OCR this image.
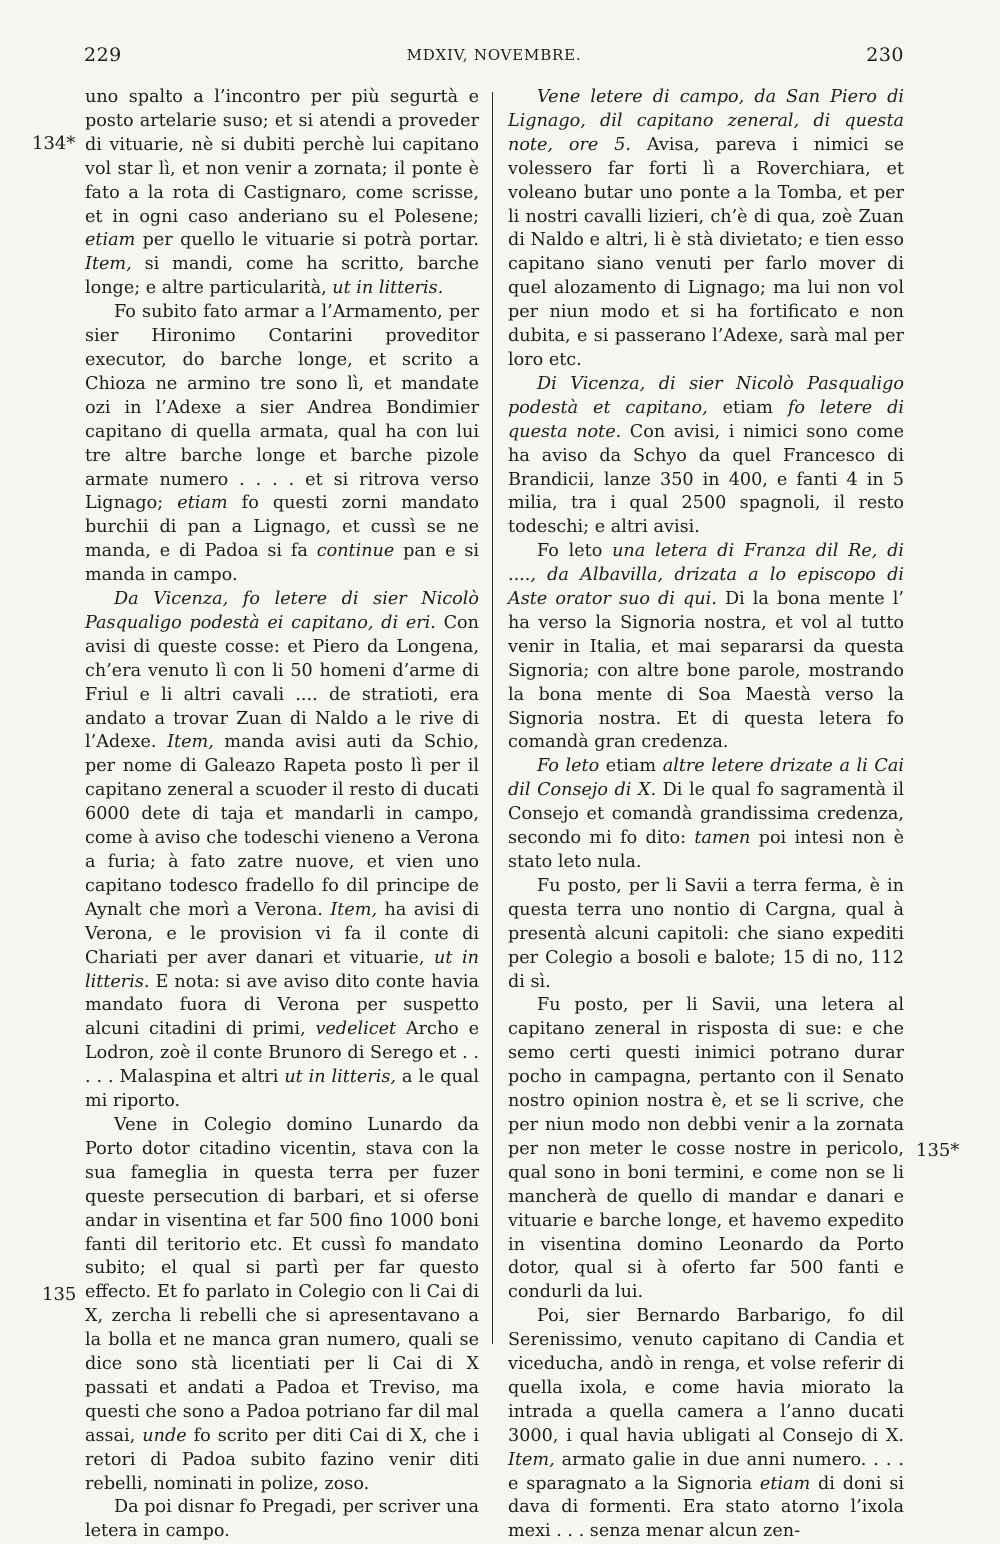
229	MDXIV, NOVEMBRE.	230
134*
135
135*

uno spalto a l’incontro per più segurtà e posto artelarie suso; et si atendi a proveder di vituarie, nè si dubiti perchè lui capitano vol star lì, et non venir a zornata; il ponte è fato a la rota di Castignaro, come scrisse, et in ogni caso anderiano su el Polesene; etiam per quello le vituarie si potrà portar. Item, si mandi, come ha scritto, barche longe; e altre particularità, ut in litteris.

Fo subito fato armar a l’Armamento, per sier Hironimo Contarini proveditor executor, do barche longe, et scrito a Chioza ne armino tre sono lì, et mandate ozi in l’Adexe a sier Andrea Bondimier capitano di quella armata, qual ha con lui tre altre barche longe et barche pizole armate numero . . . . et si ritrova verso Lignago; etiam fo questi zorni mandato burchii di pan a Lignago, et cussì se ne manda, e di Padoa si fa continue pan e si manda in campo.

Da Vicenza, fo letere di sier Nicolò Pasqualigo podestà ei capitano, di eri. Con avisi di queste cosse: et Piero da Longena, ch’era venuto lì con li 50 homeni d’arme di Friul e li altri cavali .... de stratioti, era andato a trovar Zuan di Naldo a le rive di l’Adexe. Item, manda avisi auti da Schio, per nome di Galeazo Rapeta posto lì per il capitano zeneral a scuoder il resto di ducati 6000 dete di taja et mandarli in campo, come à aviso che todeschi vieneno a Verona a furia; à fato zatre nuove, et vien uno capitano todesco fradello fo dil principe de Aynalt che morì a Verona. Item, ha avisi di Verona, e le provision vi fa il conte di Chariati per aver danari et vituarie, ut in litteris. E nota: si ave aviso dito conte havia mandato fuora di Verona per suspetto alcuni citadini di primi, vedelicet Archo e Lodron, zoè il conte Brunoro di Serego et . . . . . Malaspina et altri ut in litteris, a le qual mi riporto.

Vene in Colegio domino Lunardo da Porto dotor citadino vicentin, stava con la sua fameglia in questa terra per fuzer queste persecution di barbari, et si oferse andar in visentina et far 500 fino 1000 boni fanti dil teritorio etc. Et cussì fo mandato subito; el qual si partì per far questo effecto. Et fo parlato in Colegio con li Cai di X, zercha li rebelli che si apresentavano a la bolla et ne manca gran numero, quali se dice sono stà licentiati per li Cai di X passati et andati a Padoa et Treviso, ma questi che sono a Padoa potriano far dil mal assai, unde fo scrito per diti Cai di X, che i retori di Padoa subito fazino venir diti rebelli, nominati in polize, zoso.

Da poi disnar fo Pregadi, per scriver una letera in campo.

Vene letere di campo, da San Piero di Lignago, dil capitano zeneral, di questa note, ore 5. Avisa, pareva i nimici se volessero far forti lì a Roverchiara, et voleano butar uno ponte a la Tomba, et per li nostri cavalli lizieri, ch’è di qua, zoè Zuan di Naldo e altri, li è stà divietato; e tien esso capitano siano venuti per farlo mover di quel alozamento di Lignago; ma lui non vol per niun modo et si ha fortificato e non dubita, e si passerano l’Adexe, sarà mal per loro etc.

Di Vicenza, di sier Nicolò Pasqualigo podestà et capitano, etiam fo letere di questa note. Con avisi, i nimici sono come ha aviso da Schyo da quel Francesco di Brandicii, lanze 350 in 400, e fanti 4 in 5 milia, tra i qual 2500 spagnoli, il resto todeschi; e altri avisi.

Fo leto una letera di Franza dil Re, di ...., da Albavilla, drizata a lo episcopo di Aste orator suo di qui. Di la bona mente l’ ha verso la Signoria nostra, et vol al tutto venir in Italia, et mai separarsi da questa Signoria; con altre bone parole, mostrando la bona mente di Soa Maestà verso la Signoria nostra. Et di questa letera fo comandà gran credenza.

Fo leto etiam altre letere drizate a li Cai dil Consejo di X. Di le qual fo sagramentà il Consejo et comandà grandissima credenza, secondo mi fo dito: tamen poi intesi non è stato leto nula.

Fu posto, per li Savii a terra ferma, è in questa terra uno nontio di Cargna, qual à presentà alcuni capitoli: che siano expediti per Colegio a bosoli e balote; 15 di no, 112 di sì.

Fu posto, per li Savii, una letera al capitano zeneral in risposta di sue: e che semo certi questi inimici potrano durar pocho in campagna, pertanto con il Senato nostro opinion nostra è, et se li scrive, che per niun modo non debbi venir a la zornata per non meter le cosse nostre in pericolo, qual sono in boni termini, e come non se li mancherà de quello di mandar e danari e vituarie e barche longe, et havemo expedito in visentina domino Leonardo da Porto dotor, qual si à oferto far 500 fanti e condurli da lui.

Poi, sier Bernardo Barbarigo, fo dil Serenissimo, venuto capitano di Candia et viceducha, andò in renga, et volse referir di quella ixola, e come havia miorato la intrada a quella camera a l’anno ducati 3000, i qual havia ubligati al Consejo di X. Item, armato galie in due anni numero. . . . e sparagnato a la Signoria etiam di doni si dava di formenti. Era stato atorno l’ixola mexi . . . senza menar alcun zen-
